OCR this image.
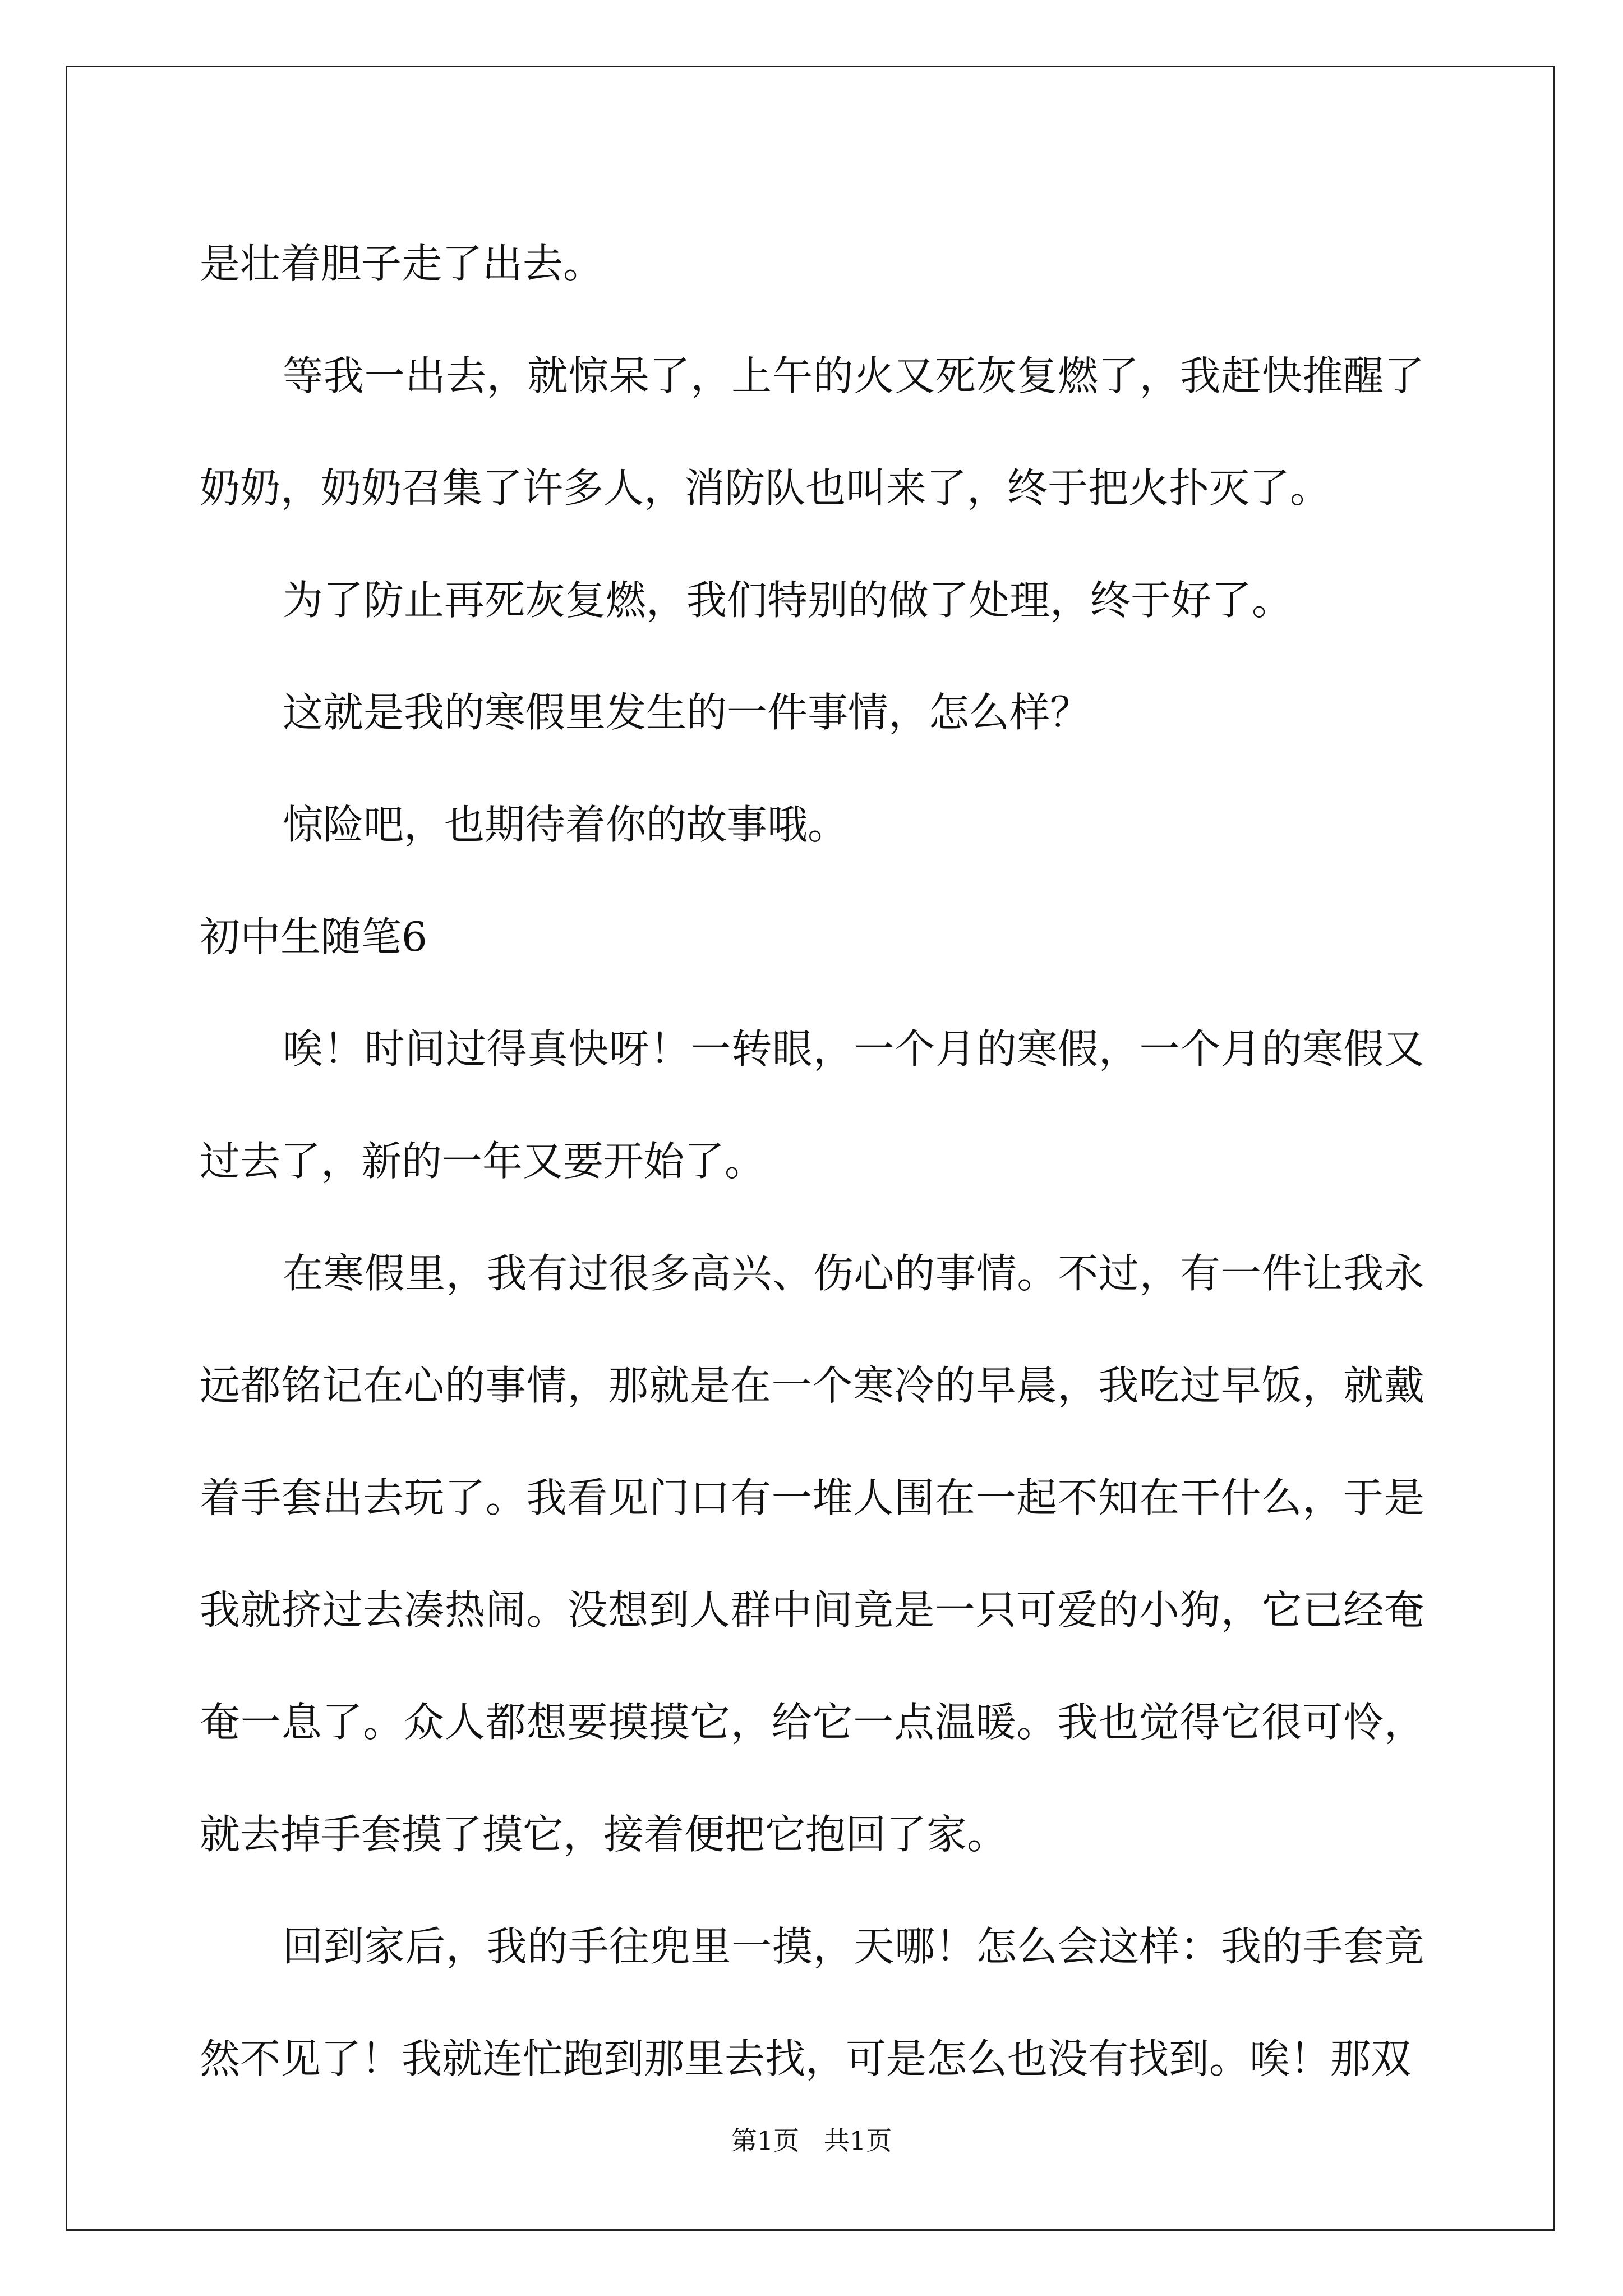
是壮着胆子走了出去。

等我一出去，就惊呆了，上午的火又死灰复燃了，我赶快推醒了奶奶，奶奶召集了许多人，消防队也叫来了，终于把火扑灭了。

为了防止再死灰复燃，我们特别的做了处理，终于好了。

这就是我的寒假里发生的一件事情，怎么样？

惊险吧，也期待着你的故事哦。

初中生随笔6

唉！时间过得真快呀！一转眼，一个月的寒假，一个月的寒假又过去了，新的一年又要开始了。

在寒假里，我有过很多高兴、伤心的事情。不过，有一件让我永远都铭记在心的事情，那就是在一个寒冷的早晨，我吃过早饭，就戴着手套出去玩了。我看见门口有一堆人围在一起不知在干什么，于是我就挤过去凑热闹。没想到人群中间竟是一只可爱的小狗，它已经奄奄一息了。众人都想要摸摸它，给它一点温暖。我也觉得它很可怜，就去掉手套摸了摸它，接着便把它抱回了家。

回到家后，我的手往兜里一摸，天哪！怎么会这样：我的手套竟然不见了！我就连忙跑到那里去找，可是怎么也没有找到。唉！那双

第1页   共1页
